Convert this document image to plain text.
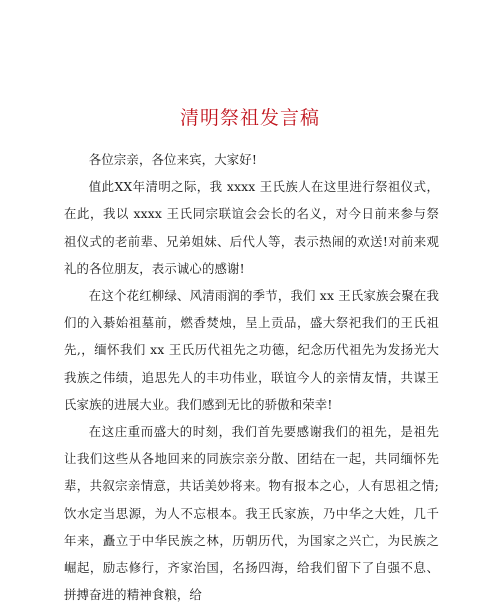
清明祭祖发言稿

各位宗亲，各位来宾，大家好!

值此XX年清明之际，我 xxxx 王氏族人在这里进行祭祖仪式，在此，我以 xxxx 王氏同宗联谊会会长的名义，对今日前来参与祭祖仪式的老前辈、兄弟姐妹、后代人等，表示热闹的欢送!对前来观礼的各位朋友，表示诚心的感谢!

在这个花红柳绿、风清雨润的季节，我们 xx 王氏家族会聚在我们的入綦始祖墓前，燃香焚烛，呈上贡品，盛大祭祀我们的王氏祖先,，缅怀我们 xx 王氏历代祖先之功德，纪念历代祖先为发扬光大我族之伟绩，追思先人的丰功伟业，联谊今人的亲情友情，共谋王氏家族的进展大业。我们感到无比的骄傲和荣幸!

在这庄重而盛大的时刻，我们首先要感谢我们的祖先，是祖先让我们这些从各地回来的同族宗亲分散、团结在一起，共同缅怀先辈，共叙宗亲情意，共话美妙将来。物有报本之心，人有思祖之情;饮水定当思源，为人不忘根本。我王氏家族，乃中华之大姓，几千年来，矗立于中华民族之林，历朝历代，为国家之兴亡，为民族之崛起，励志修行，齐家治国，名扬四海，给我们留下了自强不息、拼搏奋进的精神食粮，给
